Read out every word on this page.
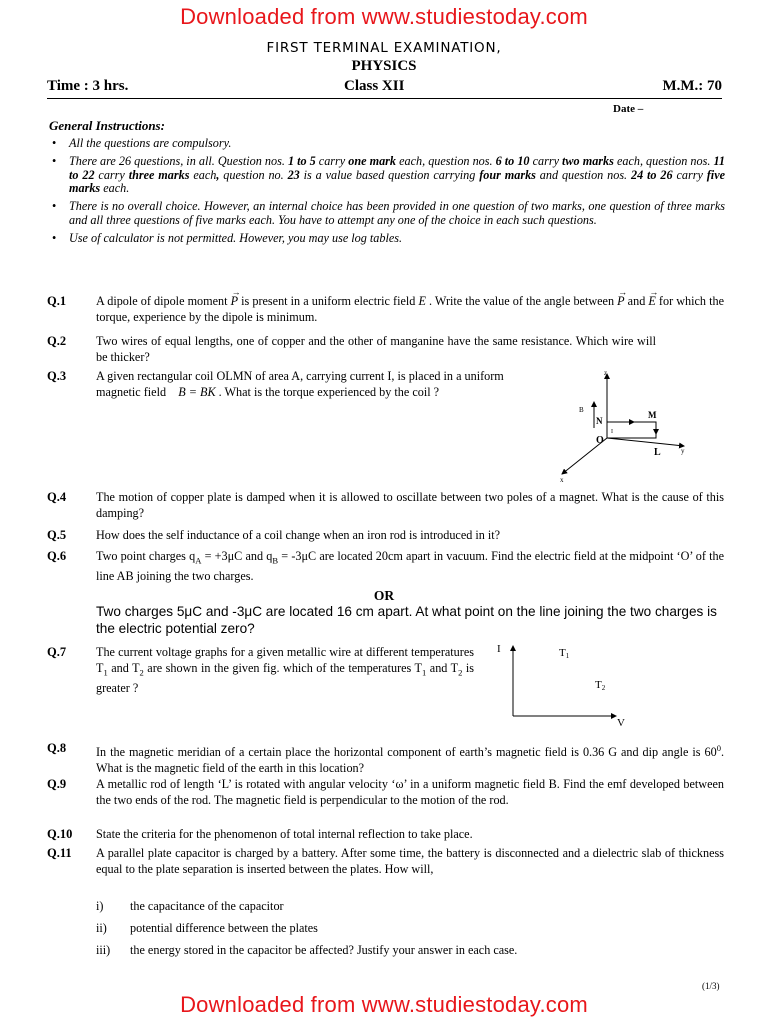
Downloaded from www.studiestoday.com
FIRST TERMINAL EXAMINATION,
PHYSICS
Time : 3 hrs.	Class XII	M.M.: 70
Date –
General Instructions:
• All the questions are compulsory.
• There are 26 questions, in all. Question nos. 1 to 5 carry one mark each, question nos. 6 to 10 carry two marks each, question nos. 11 to 22 carry three marks each, question no. 23 is a value based question carrying four marks and question nos. 24 to 26 carry five marks each.
• There is no overall choice. However, an internal choice has been provided in one question of two marks, one question of three marks and all three questions of five marks each. You have to attempt any one of the choice in each such questions.
• Use of calculator is not permitted. However, you may use log tables.
Q.1 A dipole of dipole moment → P is present in a uniform electric field E . Write the value of the angle between → P and → E for which the torque, experience by the dipole is minimum.
Q.2 Two wires of equal lengths, one of copper and the other of manganine have the same resistance. Which wire will be thicker?
Q.3 A given rectangular coil OLMN of area A, carrying current I, is placed in a uniform magnetic field B = BK . What is the torque experienced by the coil ?
z
y
x
B
N
O
M
L
I
Q.4 The motion of copper plate is damped when it is allowed to oscillate between two poles of a magnet. What is the cause of this damping?
Q.5 How does the self inductance of a coil change when an iron rod is introduced in it?
Q.6 Two point charges $q_A = +3\mu C$ and $q_B = -3\mu C$ are located 20cm apart in vacuum. Find the electric field at the midpoint ‘O’ of the line AB joining the two charges.
OR
Two charges 5μC and -3μC are located 16 cm apart. At what point on the line joining the two charges is the electric potential zero?
Q.7 The current voltage graphs for a given metallic wire at different temperatures $T_1$ and $T_2$ are shown in the given fig. which of the temperatures $T_1$ and $T_2$ is greater ?
I
V
T1
T2
Q.8 In the magnetic meridian of a certain place the horizontal component of earth’s magnetic field is 0.36 G and dip angle is $60^0$. What is the magnetic field of the earth in this location?
Q.9 A metallic rod of length ‘L’ is rotated with angular velocity ‘ω’ in a uniform magnetic field B. Find the emf developed between the two ends of the rod. The magnetic field is perpendicular to the motion of the rod.
Q.10 State the criteria for the phenomenon of total internal reflection to take place.
Q.11 A parallel plate capacitor is charged by a battery. After some time, the battery is disconnected and a dielectric slab of thickness equal to the plate separation is inserted between the plates. How will,
i) the capacitance of the capacitor
ii) potential difference between the plates
iii) the energy stored in the capacitor be affected? Justify your answer in each case.
(1/3)
Downloaded from www.studiestoday.com
